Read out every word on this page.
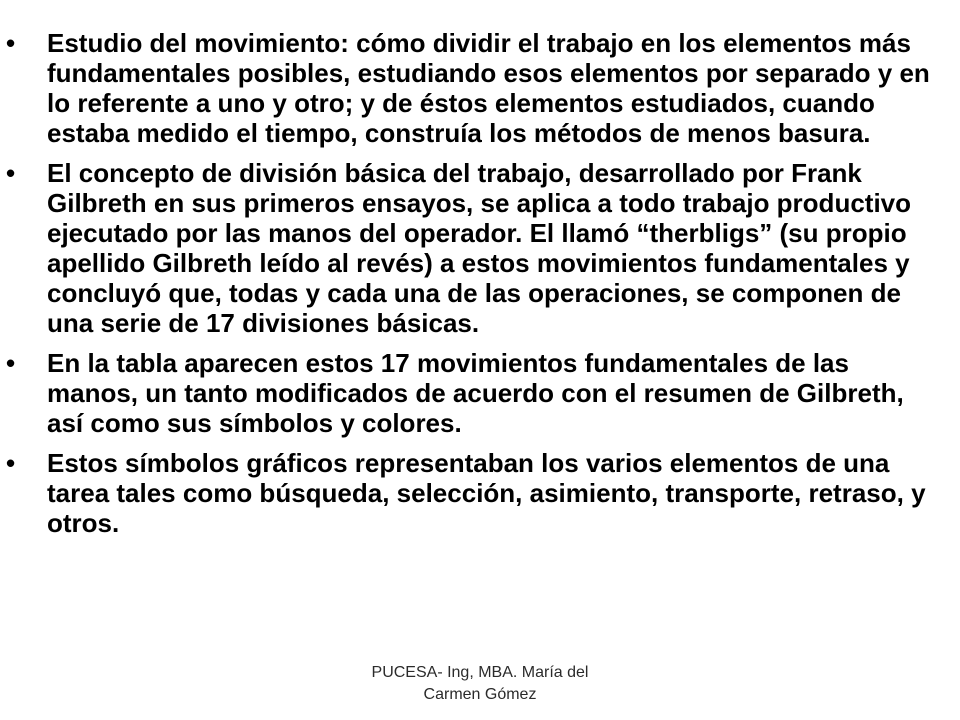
•	Estudio del movimiento: cómo dividir el trabajo en los elementos más fundamentales posibles, estudiando esos elementos por separado y en lo referente a uno y otro; y de éstos elementos estudiados, cuando estaba medido el tiempo, construía los métodos de menos basura.
•	El concepto de división básica del trabajo, desarrollado por Frank Gilbreth en sus primeros ensayos, se aplica a todo trabajo productivo ejecutado por las manos del operador. El llamó “therbligs” (su propio apellido Gilbreth leído al revés) a estos movimientos fundamentales y concluyó que, todas y cada una de las operaciones, se componen de una serie de 17 divisiones básicas.
•	En la tabla aparecen estos 17 movimientos fundamentales de las manos, un tanto modificados de acuerdo con el resumen de Gilbreth, así como sus símbolos y colores.
•	Estos símbolos gráficos representaban los varios elementos de una tarea tales como búsqueda, selección, asimiento, transporte, retraso, y otros.
PUCESA- Ing, MBA. María del
Carmen Gómez
